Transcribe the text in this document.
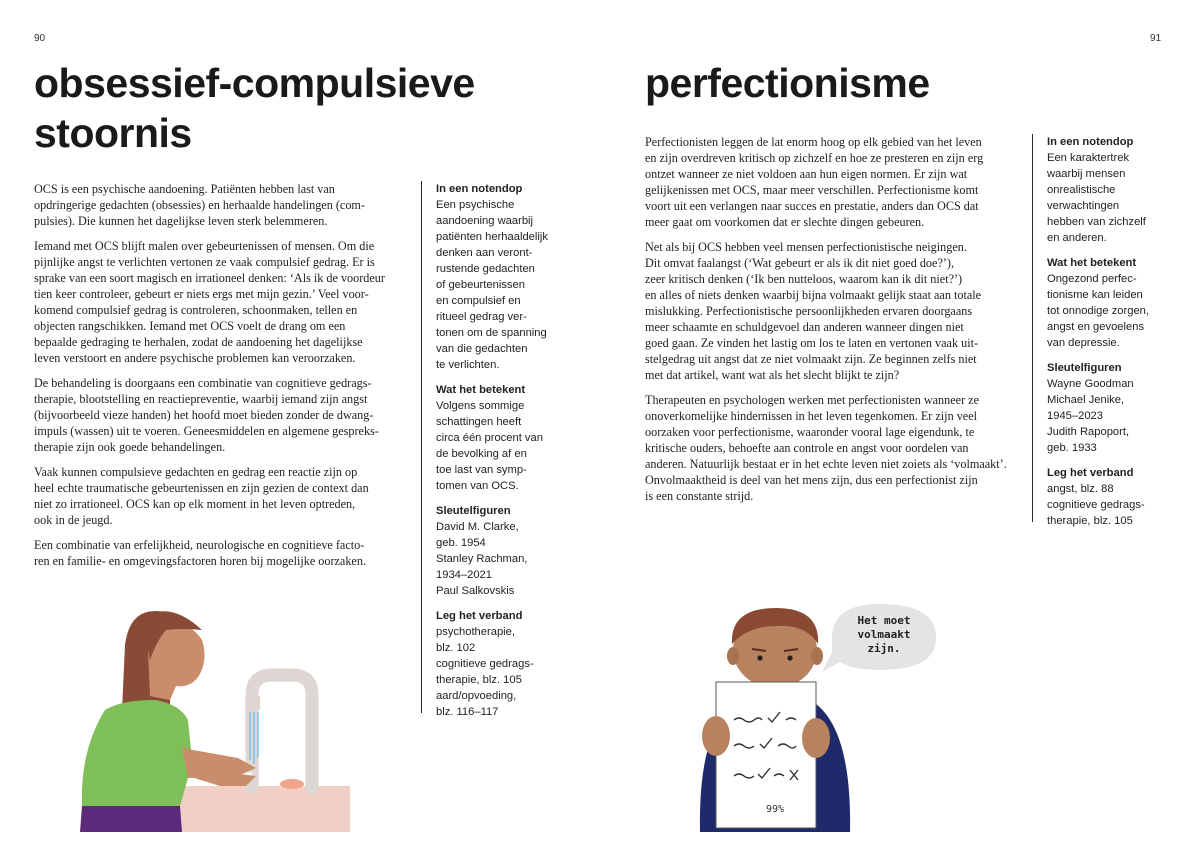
90	91
obsessief-compulsieve
stoornis

OCS is een psychische aandoening. Patiënten hebben last van
opdringerige gedachten (obsessies) en herhaalde handelingen (com-
pulsies). Die kunnen het dagelijkse leven sterk belemmeren.

Iemand met OCS blijft malen over gebeurtenissen of mensen. Om die
pijnlijke angst te verlichten vertonen ze vaak compulsief gedrag. Er is
sprake van een soort magisch en irrationeel denken: ‘Als ik de voordeur
tien keer controleer, gebeurt er niets ergs met mijn gezin.’ Veel voor-
komend compulsief gedrag is controleren, schoonmaken, tellen en
objecten rangschikken. Iemand met OCS voelt de drang om een
bepaalde gedraging te herhalen, zodat de aandoening het dagelijkse
leven verstoort en andere psychische problemen kan veroorzaken.

De behandeling is doorgaans een combinatie van cognitieve gedrags-
therapie, blootstelling en reactiepreventie, waarbij iemand zijn angst
(bijvoorbeeld vieze handen) het hoofd moet bieden zonder de dwang-
impuls (wassen) uit te voeren. Geneesmiddelen en algemene gespreks-
therapie zijn ook goede behandelingen.

Vaak kunnen compulsieve gedachten en gedrag een reactie zijn op
heel echte traumatische gebeurtenissen en zijn gezien de context dan
niet zo irrationeel. OCS kan op elk moment in het leven optreden,
ook in de jeugd.

Een combinatie van erfelijkheid, neurologische en cognitieve facto-
ren en familie- en omgevingsfactoren horen bij mogelijke oorzaken.

In een notendop
Een psychische
aandoening waarbij
patiënten herhaaldelijk
denken aan veront-
rustende gedachten
of gebeurtenissen
en compulsief en
ritueel gedrag ver-
tonen om de spanning
van die gedachten
te verlichten.
Wat het betekent
Volgens sommige
schattingen heeft
circa één procent van
de bevolking af en
toe last van symp-
tomen van OCS.
Sleutelfiguren
David M. Clarke,
geb. 1954
Stanley Rachman,
1934–2021
Paul Salkovskis
Leg het verband
psychotherapie,
blz. 102
cognitieve gedrags-
therapie, blz. 105
aard/opvoeding,
blz. 116–117
perfectionisme

Perfectionisten leggen de lat enorm hoog op elk gebied van het leven
en zijn overdreven kritisch op zichzelf en hoe ze presteren en zijn erg
ontzet wanneer ze niet voldoen aan hun eigen normen. Er zijn wat
gelijkenissen met OCS, maar meer verschillen. Perfectionisme komt
voort uit een verlangen naar succes en prestatie, anders dan OCS dat
meer gaat om voorkomen dat er slechte dingen gebeuren.

Net als bij OCS hebben veel mensen perfectionistische neigingen.
Dit omvat faalangst (‘Wat gebeurt er als ik dit niet goed doe?’),
zeer kritisch denken (‘Ik ben nutteloos, waarom kan ik dit niet?’)
en alles of niets denken waarbij bijna volmaakt gelijk staat aan totale
mislukking. Perfectionistische persoonlijkheden ervaren doorgaans
meer schaamte en schuldgevoel dan anderen wanneer dingen niet
goed gaan. Ze vinden het lastig om los te laten en vertonen vaak uit-
stelgedrag uit angst dat ze niet volmaakt zijn. Ze beginnen zelfs niet
met dat artikel, want wat als het slecht blijkt te zijn?

Therapeuten en psychologen werken met perfectionisten wanneer ze
onoverkomelijke hindernissen in het leven tegenkomen. Er zijn veel
oorzaken voor perfectionisme, waaronder vooral lage eigendunk, te
kritische ouders, behoefte aan controle en angst voor oordelen van
anderen. Natuurlijk bestaat er in het echte leven niet zoiets als ‘volmaakt’.
Onvolmaaktheid is deel van het mens zijn, dus een perfectionist zijn
is een constante strijd.

In een notendop
Een karaktertrek
waarbij mensen
onrealistische
verwachtingen
hebben van zichzelf
en anderen.
Wat het betekent
Ongezond perfec-
tionisme kan leiden
tot onnodige zorgen,
angst en gevoelens
van depressie.
Sleutelfiguren
Wayne Goodman
Michael Jenike,
1945–2023
Judith Rapoport,
geb. 1933
Leg het verband
angst, blz. 88
cognitieve gedrags-
therapie, blz. 105
Het moet
volmaakt
zijn.
99%
